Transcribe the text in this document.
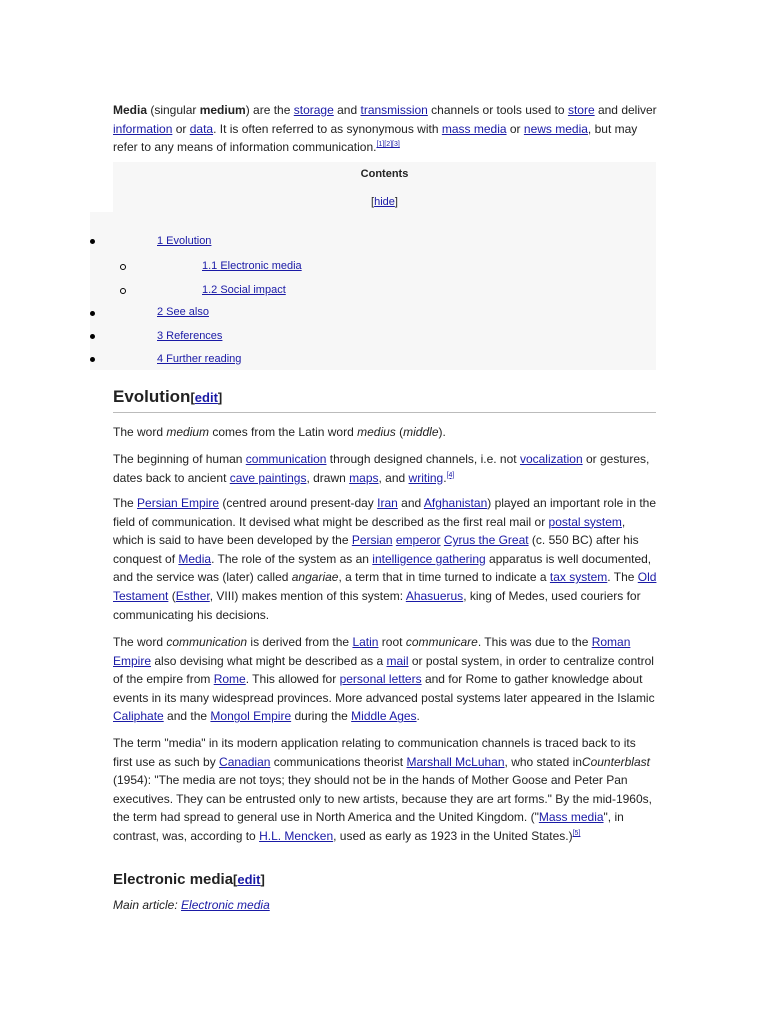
Media (singular medium) are the storage and transmission channels or tools used to store and deliver information or data. It is often referred to as synonymous with mass media or news media, but may refer to any means of information communication.[1][2][3]

Contents
[hide]
1 Evolution
1.1 Electronic media
1.2 Social impact
2 See also
3 References
4 Further reading
Evolution[edit]

The word medium comes from the Latin word medius (middle).

The beginning of human communication through designed channels, i.e. not vocalization or gestures, dates back to ancient cave paintings, drawn maps, and writing.[4]

The Persian Empire (centred around present-day Iran and Afghanistan) played an important role in the field of communication. It devised what might be described as the first real mail or postal system, which is said to have been developed by the Persian emperor Cyrus the Great (c. 550 BC) after his conquest of Media. The role of the system as an intelligence gathering apparatus is well documented, and the service was (later) called angariae, a term that in time turned to indicate a tax system. The Old Testament (Esther, VIII) makes mention of this system: Ahasuerus, king of Medes, used couriers for communicating his decisions.

The word communication is derived from the Latin root communicare. This was due to the Roman Empire also devising what might be described as a mail or postal system, in order to centralize control of the empire from Rome. This allowed for personal letters and for Rome to gather knowledge about events in its many widespread provinces. More advanced postal systems later appeared in the Islamic Caliphate and the Mongol Empire during the Middle Ages.

The term "media" in its modern application relating to communication channels is traced back to its first use as such by Canadian communications theorist Marshall McLuhan, who stated inCounterblast (1954): "The media are not toys; they should not be in the hands of Mother Goose and Peter Pan executives. They can be entrusted only to new artists, because they are art forms." By the mid-1960s, the term had spread to general use in North America and the United Kingdom. ("Mass media", in contrast, was, according to H.L. Mencken, used as early as 1923 in the United States.)[5]

Electronic media[edit]

Main article: Electronic media
